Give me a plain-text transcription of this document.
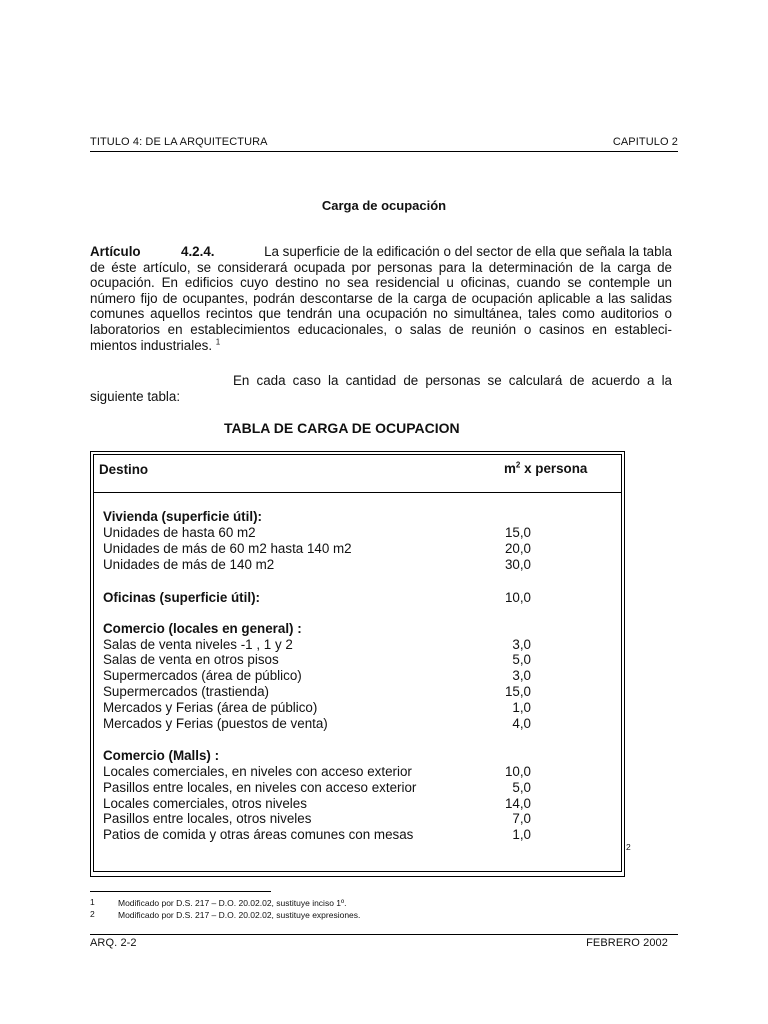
TITULO 4: DE LA ARQUITECTURA	CAPITULO 2
Carga de ocupación
Artículo	4.2.4.	La superficie de la edificación o del sector de ella que señala la tabla
de éste artículo, se considerará ocupada por personas para la determinación de la carga de
ocupación. En edificios cuyo destino no sea residencial u oficinas, cuando se contemple un
número fijo de ocupantes, podrán descontarse de la carga de ocupación aplicable a las salidas
comunes aquellos recintos que tendrán una ocupación no simultánea, tales como auditorios o
laboratorios en establecimientos educacionales, o salas de reunión o casinos en estableci-
mientos industriales. $^1$
En cada caso la cantidad de personas se calculará de acuerdo a la
siguiente tabla:
TABLA DE CARGA DE OCUPACION
Destino	$m^2$ x persona
Vivienda (superficie útil):
Unidades de hasta 60 m2	15,0
Unidades de más de 60 m2 hasta 140 m2	20,0
Unidades de más de 140 m2	30,0
Oficinas (superficie útil):	10,0
Comercio (locales en general) :
Salas de venta niveles -1 , 1 y 2	3,0
Salas de venta en otros pisos	5,0
Supermercados (área de público)	3,0
Supermercados (trastienda)	15,0
Mercados y Ferias (área de público)	1,0
Mercados y Ferias (puestos de venta)	4,0
Comercio (Malls) :
Locales comerciales, en niveles con acceso exterior	10,0
Pasillos entre locales, en niveles con acceso exterior	5,0
Locales comerciales, otros niveles	14,0
Pasillos entre locales, otros niveles	7,0
Patios de comida y otras áreas comunes con mesas	1,0
2
1	Modificado por D.S. 217 – D.O. 20.02.02, sustituye inciso 1º.
2	Modificado por D.S. 217 – D.O. 20.02.02, sustituye expresiones.
ARQ. 2-2	FEBRERO 2002
